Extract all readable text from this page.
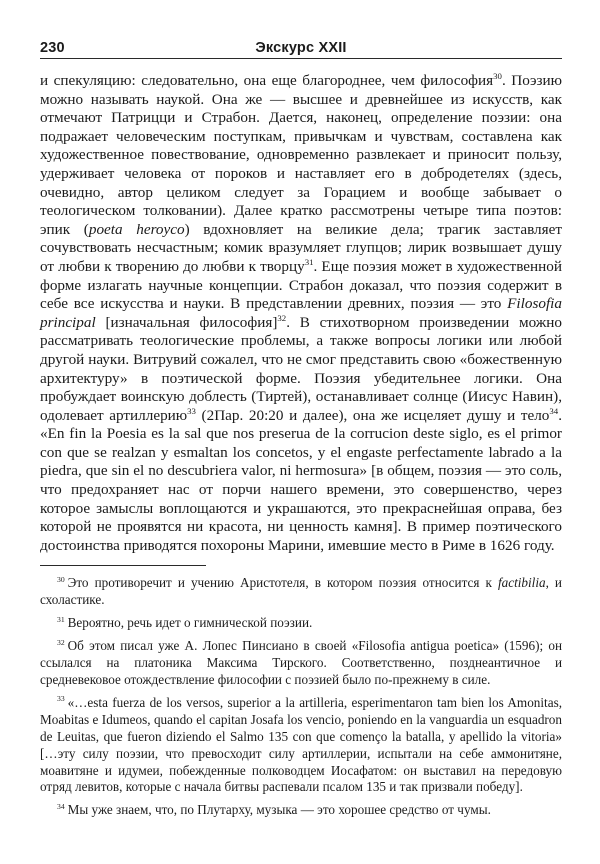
230	Экскурс XXII

и спекуляцию: следовательно, она еще благороднее, чем философия$^{30}$. Поэзию можно называть наукой. Она же — высшее и древнейшее из искусств, как отмечают Патрицци и Страбон. Дается, наконец, определение поэзии: она подражает человеческим поступкам, привычкам и чувствам, составлена как художественное повествование, одновременно развлекает и приносит пользу, удерживает человека от пороков и наставляет его в добродетелях (здесь, очевидно, автор целиком следует за Горацием и вообще забывает о теологическом толковании). Далее кратко рассмотрены четыре типа поэтов: эпик (poeta heroyco) вдохновляет на великие дела; трагик заставляет сочувствовать несчастным; комик вразумляет глупцов; лирик возвышает душу от любви к творению до любви к творцу$^{31}$. Еще поэзия может в художественной форме излагать научные концепции. Страбон доказал, что поэзия содержит в себе все искусства и науки. В представлении древних, поэзия — это Filosofia principal [изначальная философия]$^{32}$. В стихотворном произведении можно рассматривать теологические проблемы, а также вопросы логики или любой другой науки. Витрувий сожалел, что не смог представить свою «божественную архитектуру» в поэтической форме. Поэзия убедительнее логики. Она пробуждает воинскую доблесть (Тиртей), останавливает солнце (Иисус Навин), одолевает артиллерию$^{33}$ (2Пар. 20:20 и далее), она же исцеляет душу и тело$^{34}$. «En fin la Poesia es la sal que nos preserua de la corrucion deste siglo, es el primor con que se realzan y esmaltan los concetos, y el engaste perfectamente labrado a la piedra, que sin el no descubriera valor, ni hermosura» [в общем, поэзия — это соль, что предохраняет нас от порчи нашего времени, это совершенство, через которое замыслы воплощаются и украшаются, это прекраснейшая оправа, без которой не проявятся ни красота, ни ценность камня]. В пример поэтического достоинства приводятся похороны Марини, имевшие место в Риме в 1626 году.

$^{30}$ Это противоречит и учению Аристотеля, в котором поэзия относится к factibilia, и схоластике.

$^{31}$ Вероятно, речь идет о гимнической поэзии.

$^{32}$ Об этом писал уже А. Лопес Пинсиано в своей «Filosofia antigua poetica» (1596); он ссылался на платоника Максима Тирского. Соответственно, позднеантичное и средневековое отождествление философии с поэзией было по-прежнему в силе.

$^{33}$ «…esta fuerza de los versos, superior a la artilleria, esperimentaron tam bien los Amonitas, Moabitas e Idumeos, quando el capitan Josafa los vencio, poniendo en la vanguardia un esquadron de Leuitas, que fueron diziendo el Salmo 135 con que començo la batalla, y apellido la vitoria» […эту силу поэзии, что превосходит силу артиллерии, испытали на себе аммонитяне, моавитяне и идумеи, побежденные полководцем Иосафатом: он выставил на передовую отряд левитов, которые с начала битвы распевали псалом 135 и так призвали победу].

$^{34}$ Мы уже знаем, что, по Плутарху, музыка — это хорошее средство от чумы.
